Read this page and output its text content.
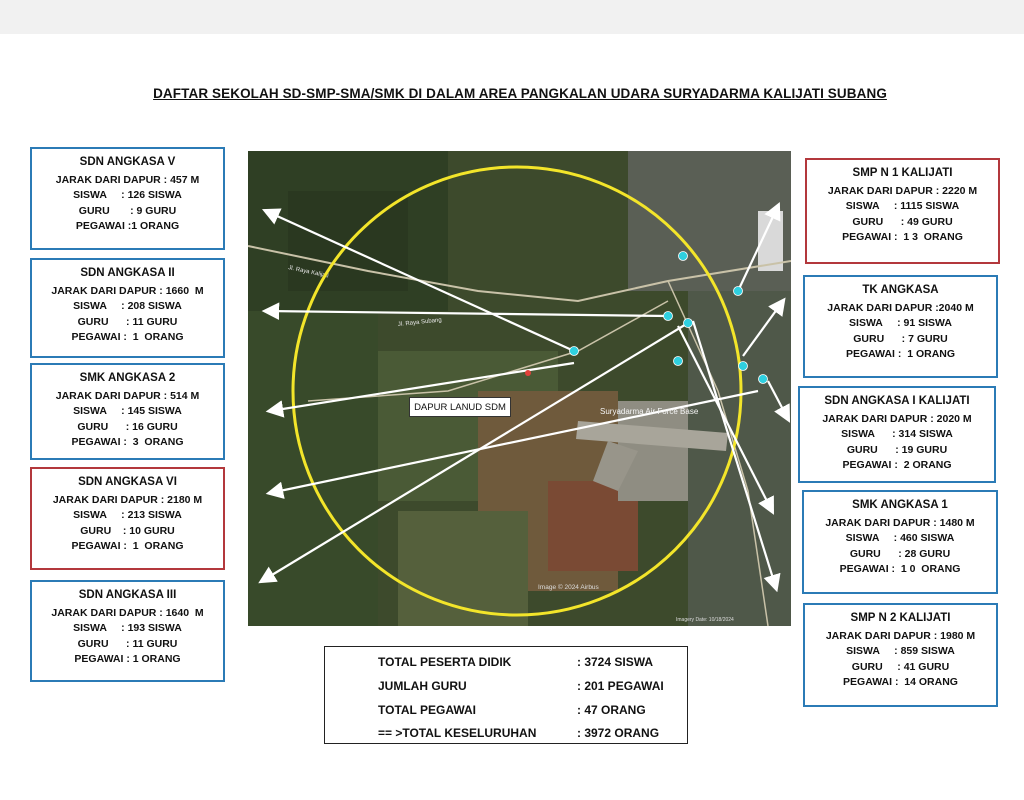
DAFTAR SEKOLAH SD-SMP-SMA/SMK DI DALAM AREA PANGKALAN UDARA SURYADARMA KALIJATI SUBANG
Jl. Raya Kalijati
Jl. Raya Subang
Suryadarma Air Force Base
Image © 2024 Airbus
Imagery Date: 10/18/2024
DAPUR LANUD SDM
SDN ANGKASA V
JARAK DARI DAPUR : 457 M
SISWA     : 126 SISWA
GURU       : 9 GURU
PEGAWAI :1 ORANG
SDN ANGKASA II
JARAK DARI DAPUR : 1660  M
SISWA     : 208 SISWA
GURU      : 11 GURU
PEGAWAI :  1  ORANG
SMK ANGKASA 2
JARAK DARI DAPUR : 514 M
SISWA     : 145 SISWA
GURU      : 16 GURU
PEGAWAI :  3  ORANG
SDN ANGKASA VI
JARAK DARI DAPUR : 2180 M
SISWA     : 213 SISWA
GURU    : 10 GURU
PEGAWAI :  1  ORANG
SDN ANGKASA III
JARAK DARI DAPUR : 1640  M
SISWA     : 193 SISWA
GURU      : 11 GURU
PEGAWAI : 1 ORANG
SMP N 1 KALIJATI
JARAK DARI DAPUR : 2220 M
SISWA     : 1115 SISWA
GURU      : 49 GURU
PEGAWAI :  1 3  ORANG
TK ANGKASA
JARAK DARI DAPUR :2040 M
SISWA     : 91 SISWA
GURU      : 7 GURU
PEGAWAI :  1 ORANG
SDN ANGKASA I KALIJATI
JARAK DARI DAPUR : 2020 M
SISWA      : 314 SISWA
GURU      : 19 GURU
PEGAWAI :  2 ORANG
SMK ANGKASA 1
JARAK DARI DAPUR : 1480 M
SISWA     : 460 SISWA
GURU      : 28 GURU
PEGAWAI :  1 0  ORANG
SMP N 2 KALIJATI
JARAK DARI DAPUR : 1980 M
SISWA     : 859 SISWA
GURU     : 41 GURU
PEGAWAI :  14 ORANG
TOTAL PESERTA DIDIK	: 3724 SISWA
JUMLAH GURU	: 201 PEGAWAI
TOTAL PEGAWAI	: 47 ORANG
== >TOTAL KESELURUHAN	: 3972 ORANG
